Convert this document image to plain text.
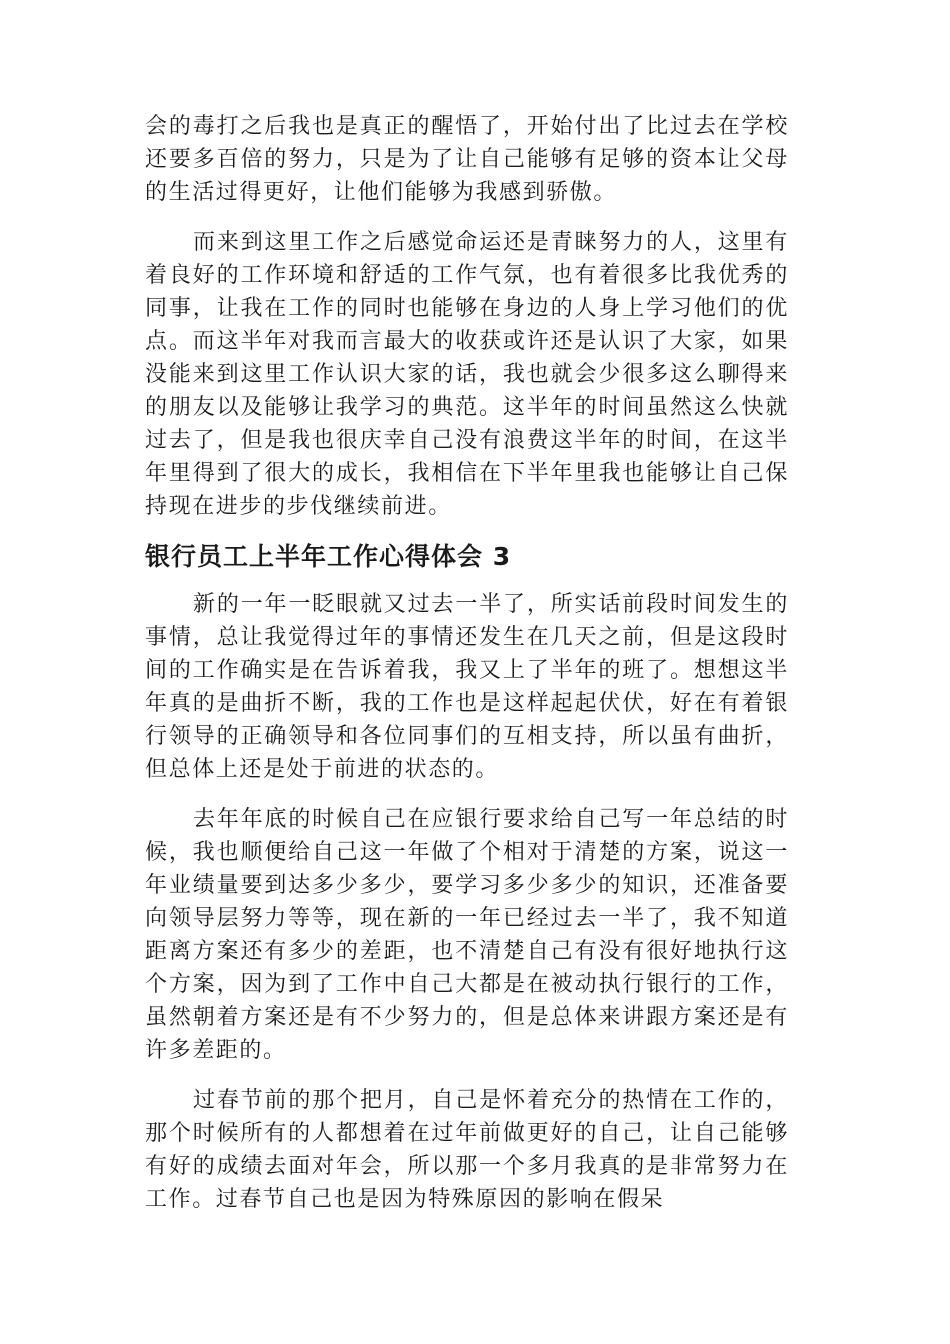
会的毒打之后我也是真正的醒悟了，开始付出了比过去在学校还要多百倍的努力，只是为了让自己能够有足够的资本让父母的生活过得更好，让他们能够为我感到骄傲。

而来到这里工作之后感觉命运还是青睐努力的人，这里有着良好的工作环境和舒适的工作气氛，也有着很多比我优秀的同事，让我在工作的同时也能够在身边的人身上学习他们的优点。而这半年对我而言最大的收获或许还是认识了大家，如果没能来到这里工作认识大家的话，我也就会少很多这么聊得来的朋友以及能够让我学习的典范。这半年的时间虽然这么快就过去了，但是我也很庆幸自己没有浪费这半年的时间，在这半年里得到了很大的成长，我相信在下半年里我也能够让自己保持现在进步的步伐继续前进。

银行员工上半年工作心得体会 3

新的一年一眨眼就又过去一半了，所实话前段时间发生的事情，总让我觉得过年的事情还发生在几天之前，但是这段时间的工作确实是在告诉着我，我又上了半年的班了。想想这半年真的是曲折不断，我的工作也是这样起起伏伏，好在有着银行领导的正确领导和各位同事们的互相支持，所以虽有曲折，但总体上还是处于前进的状态的。

去年年底的时候自己在应银行要求给自己写一年总结的时候，我也顺便给自己这一年做了个相对于清楚的方案，说这一年业绩量要到达多少多少，要学习多少多少的知识，还准备要向领导层努力等等，现在新的一年已经过去一半了，我不知道距离方案还有多少的差距，也不清楚自己有没有很好地执行这个方案，因为到了工作中自己大都是在被动执行银行的工作，虽然朝着方案还是有不少努力的，但是总体来讲跟方案还是有许多差距的。

过春节前的那个把月，自己是怀着充分的热情在工作的，那个时候所有的人都想着在过年前做更好的自己，让自己能够有好的成绩去面对年会，所以那一个多月我真的是非常努力在工作。过春节自己也是因为特殊原因的影响在假呆
